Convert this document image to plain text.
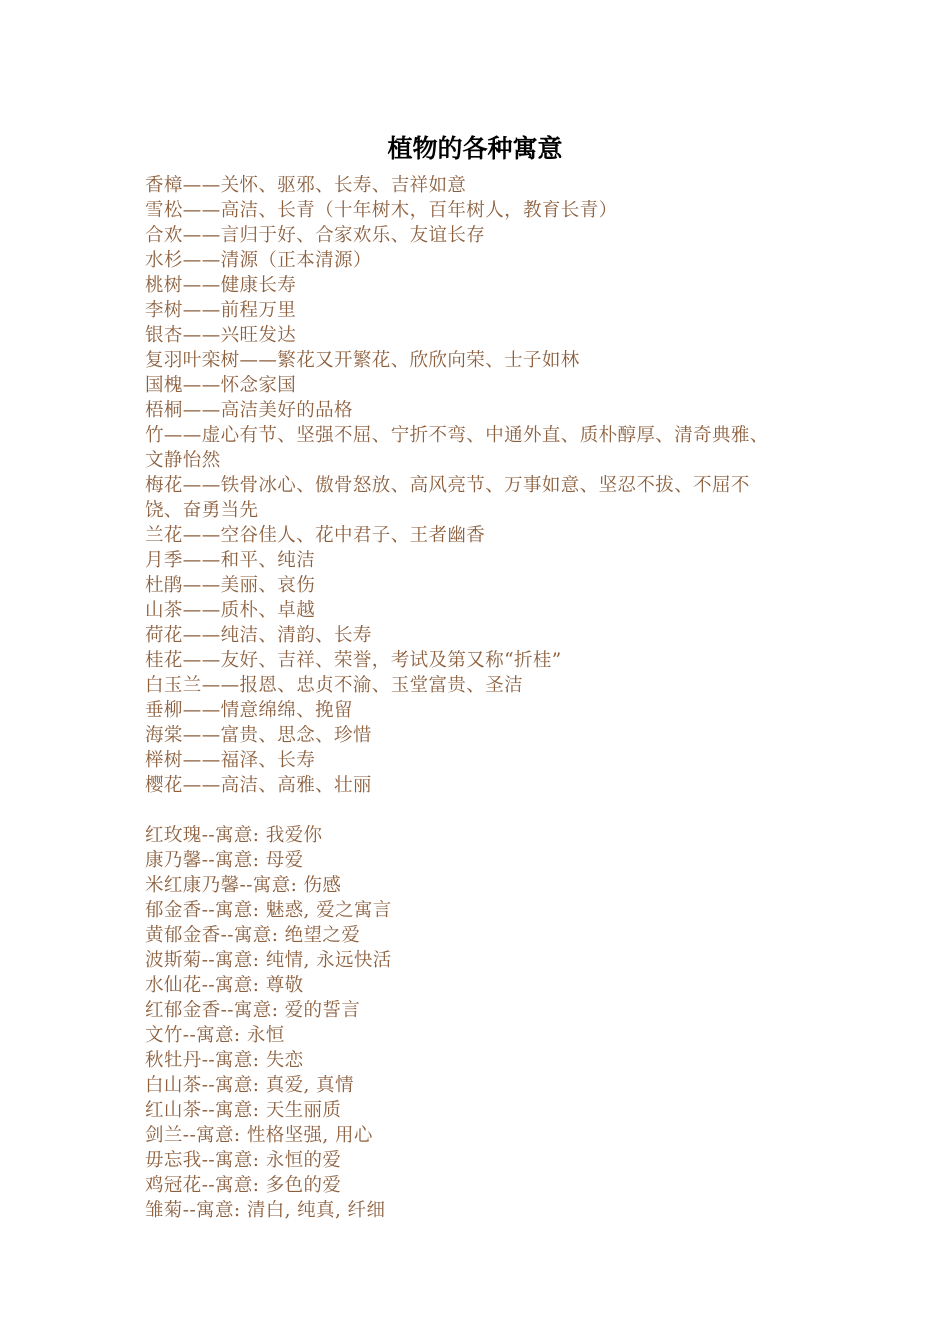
植物的各种寓意
香樟——关怀、驱邪、长寿、吉祥如意
雪松——高洁、长青（十年树木，百年树人，教育长青）
合欢——言归于好、合家欢乐、友谊长存
水杉——清源（正本清源）
桃树——健康长寿
李树——前程万里
银杏——兴旺发达
复羽叶栾树——繁花又开繁花、欣欣向荣、士子如林
国槐——怀念家国
梧桐——高洁美好的品格
竹——虚心有节、坚强不屈、宁折不弯、中通外直、质朴醇厚、清奇典雅、
文静怡然
梅花——铁骨冰心、傲骨怒放、高风亮节、万事如意、坚忍不拔、不屈不
饶、奋勇当先
兰花——空谷佳人、花中君子、王者幽香
月季——和平、纯洁
杜鹃——美丽、哀伤
山茶——质朴、卓越
荷花——纯洁、清韵、长寿
桂花——友好、吉祥、荣誉，考试及第又称“折桂”
白玉兰——报恩、忠贞不渝、玉堂富贵、圣洁
垂柳——情意绵绵、挽留
海棠——富贵、思念、珍惜
榉树——福泽、长寿
樱花——高洁、高雅、壮丽
红玫瑰--寓意: 我爱你
康乃馨--寓意: 母爱
米红康乃馨--寓意: 伤感
郁金香--寓意: 魅惑, 爱之寓言
黄郁金香--寓意: 绝望之爱
波斯菊--寓意: 纯情, 永远快活
水仙花--寓意: 尊敬
红郁金香--寓意: 爱的誓言
文竹--寓意: 永恒
秋牡丹--寓意: 失恋
白山茶--寓意: 真爱, 真情
红山茶--寓意: 天生丽质
剑兰--寓意: 性格坚强, 用心
毋忘我--寓意: 永恒的爱
鸡冠花--寓意: 多色的爱
雏菊--寓意: 清白, 纯真, 纤细
